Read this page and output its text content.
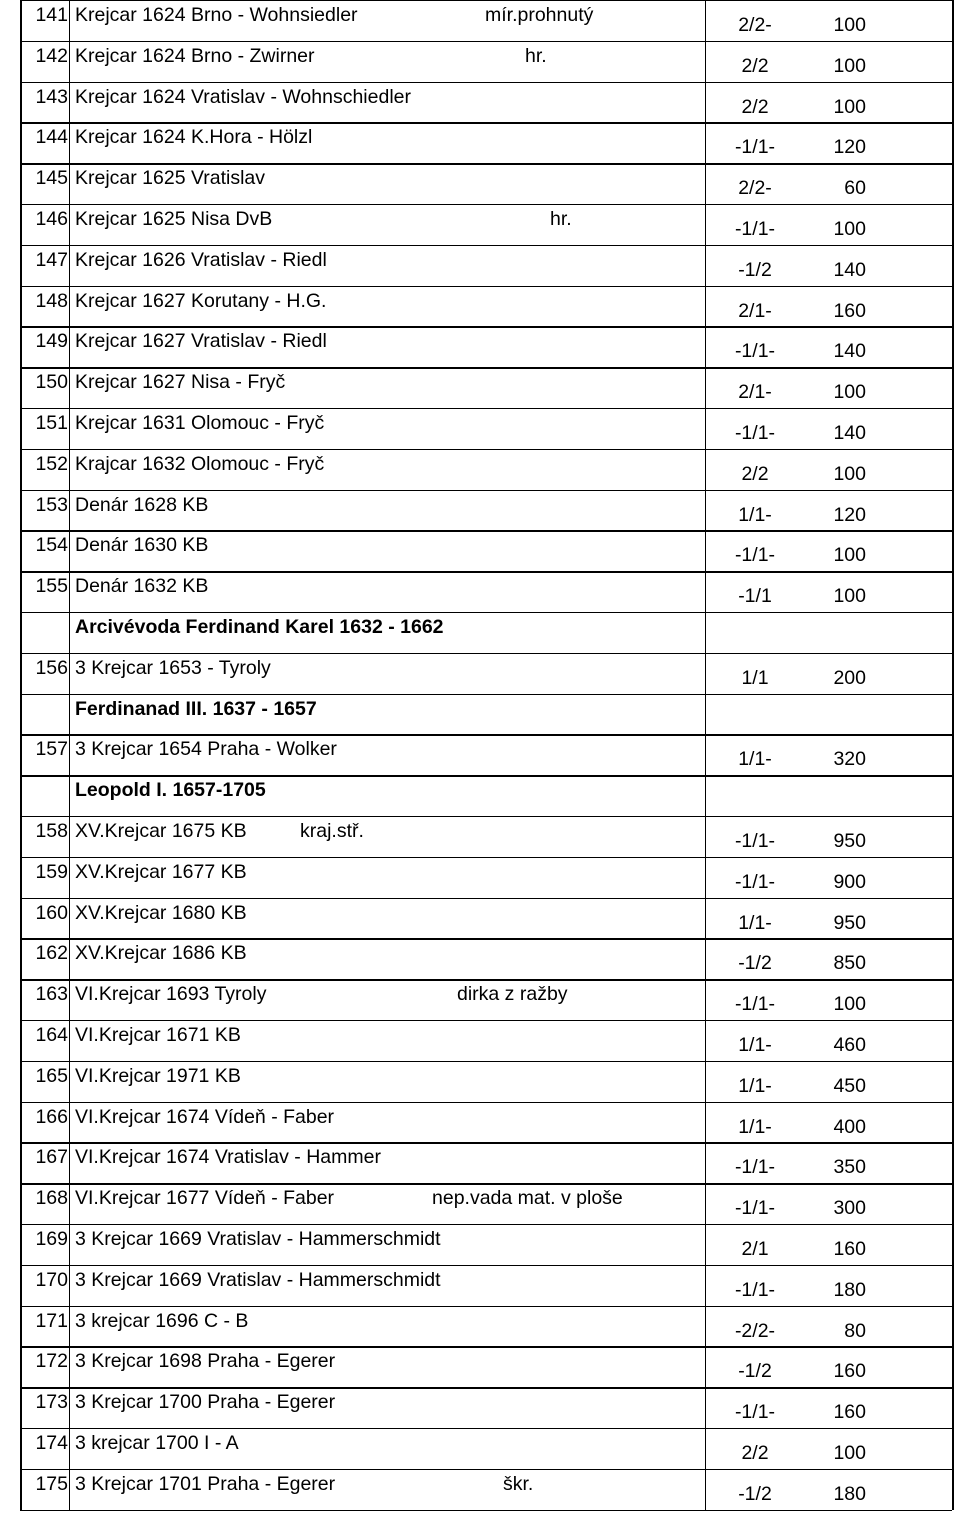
141 Krejcar 1624 Brno - Wohnsiedler	mír.prohnutý	2/2-	100
142 Krejcar 1624 Brno - Zwirner	hr.	2/2	100
143 Krejcar 1624 Vratislav - Wohnschiedler	2/2	100
144 Krejcar 1624 K.Hora - Hölzl	-1/1-	120
145 Krejcar 1625 Vratislav	2/2-	60
146 Krejcar 1625 Nisa DvB	hr.	-1/1-	100
147 Krejcar 1626 Vratislav - Riedl	-1/2	140
148 Krejcar 1627 Korutany - H.G.	2/1-	160
149 Krejcar 1627 Vratislav - Riedl	-1/1-	140
150 Krejcar 1627 Nisa - Fryč	2/1-	100
151 Krejcar 1631 Olomouc - Fryč	-1/1-	140
152 Krajcar 1632 Olomouc - Fryč	2/2	100
153 Denár 1628 KB	1/1-	120
154 Denár 1630 KB	-1/1-	100
155 Denár 1632 KB	-1/1	100
Arcivévoda Ferdinand Karel 1632 - 1662
156 3 Krejcar 1653 - Tyroly	1/1	200
Ferdinanad III. 1637 - 1657
157 3 Krejcar 1654 Praha - Wolker	1/1-	320
Leopold I. 1657-1705
158 XV.Krejcar 1675 KB	kraj.stř.	-1/1-	950
159 XV.Krejcar 1677 KB	-1/1-	900
160 XV.Krejcar 1680 KB	1/1-	950
162 XV.Krejcar 1686 KB	-1/2	850
163 VI.Krejcar 1693 Tyroly	dirka z ražby	-1/1-	100
164 VI.Krejcar 1671 KB	1/1-	460
165 VI.Krejcar 1971 KB	1/1-	450
166 VI.Krejcar 1674 Vídeň - Faber	1/1-	400
167 VI.Krejcar 1674 Vratislav - Hammer	-1/1-	350
168 VI.Krejcar 1677 Vídeň - Faber	nep.vada mat. v ploše	-1/1-	300
169 3 Krejcar 1669 Vratislav - Hammerschmidt	2/1	160
170 3 Krejcar 1669 Vratislav - Hammerschmidt	-1/1-	180
171 3 krejcar 1696 C - B	-2/2-	80
172 3 Krejcar 1698 Praha - Egerer	-1/2	160
173 3 Krejcar 1700 Praha - Egerer	-1/1-	160
174 3 krejcar 1700 I - A	2/2	100
175 3 Krejcar 1701 Praha - Egerer	škr.	-1/2	180
